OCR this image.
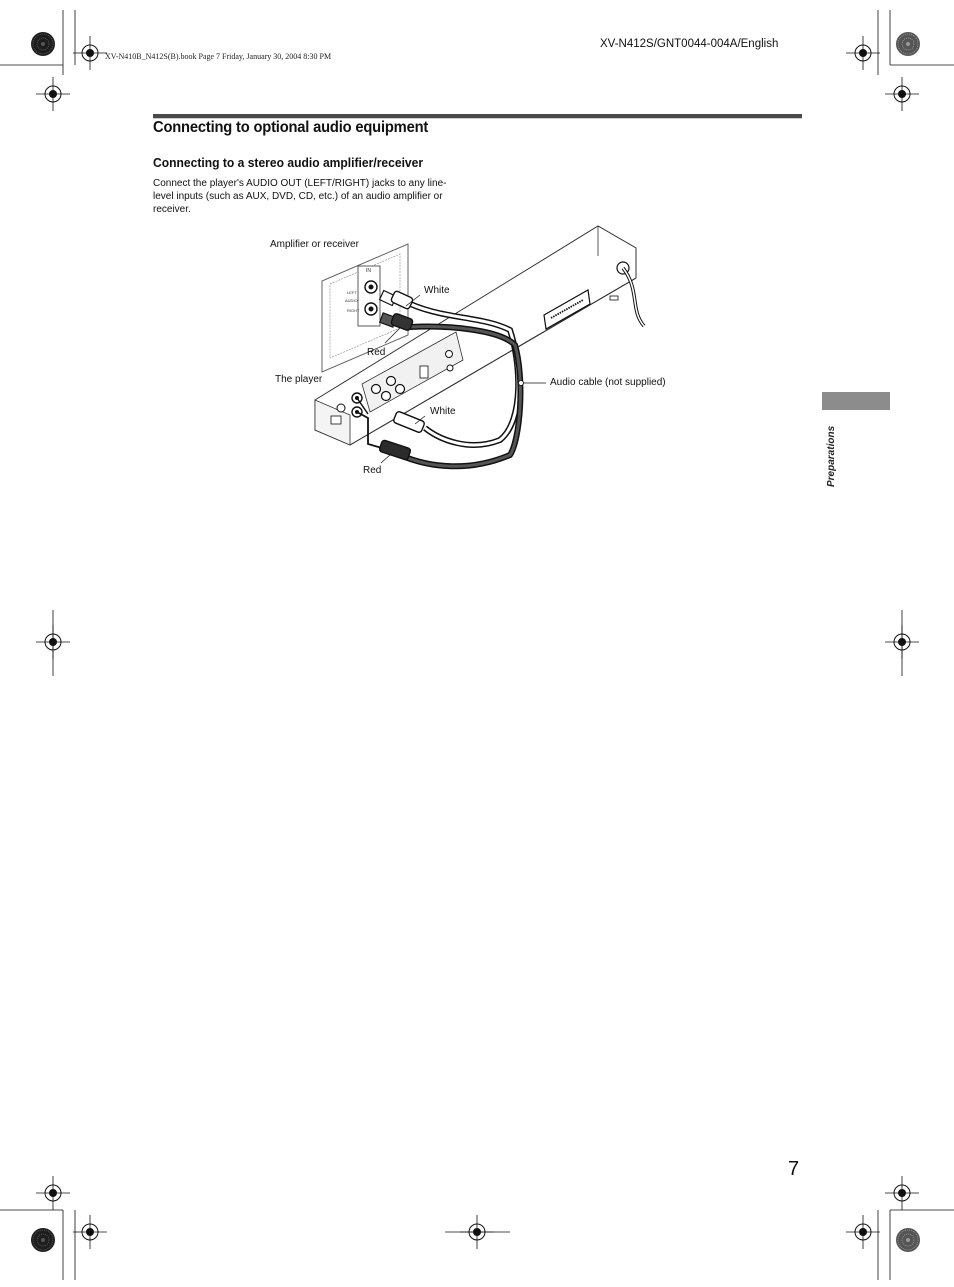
LEFT
AUDIO
RIGHT
IN
XV-N410B_N412S(B).book Page 7 Friday, January 30, 2004 8:30 PM
XV-N412S/GNT0044-004A/English
Connecting to optional audio equipment
Connecting to a stereo audio amplifier/receiver
Connect the player's AUDIO OUT (LEFT/RIGHT) jacks to any line-level inputs (such as AUX, DVD, CD, etc.) of an audio amplifier or receiver.
Amplifier or receiver
White
Red
The player	Audio cable (not supplied)
White
Red	Preparations
7
